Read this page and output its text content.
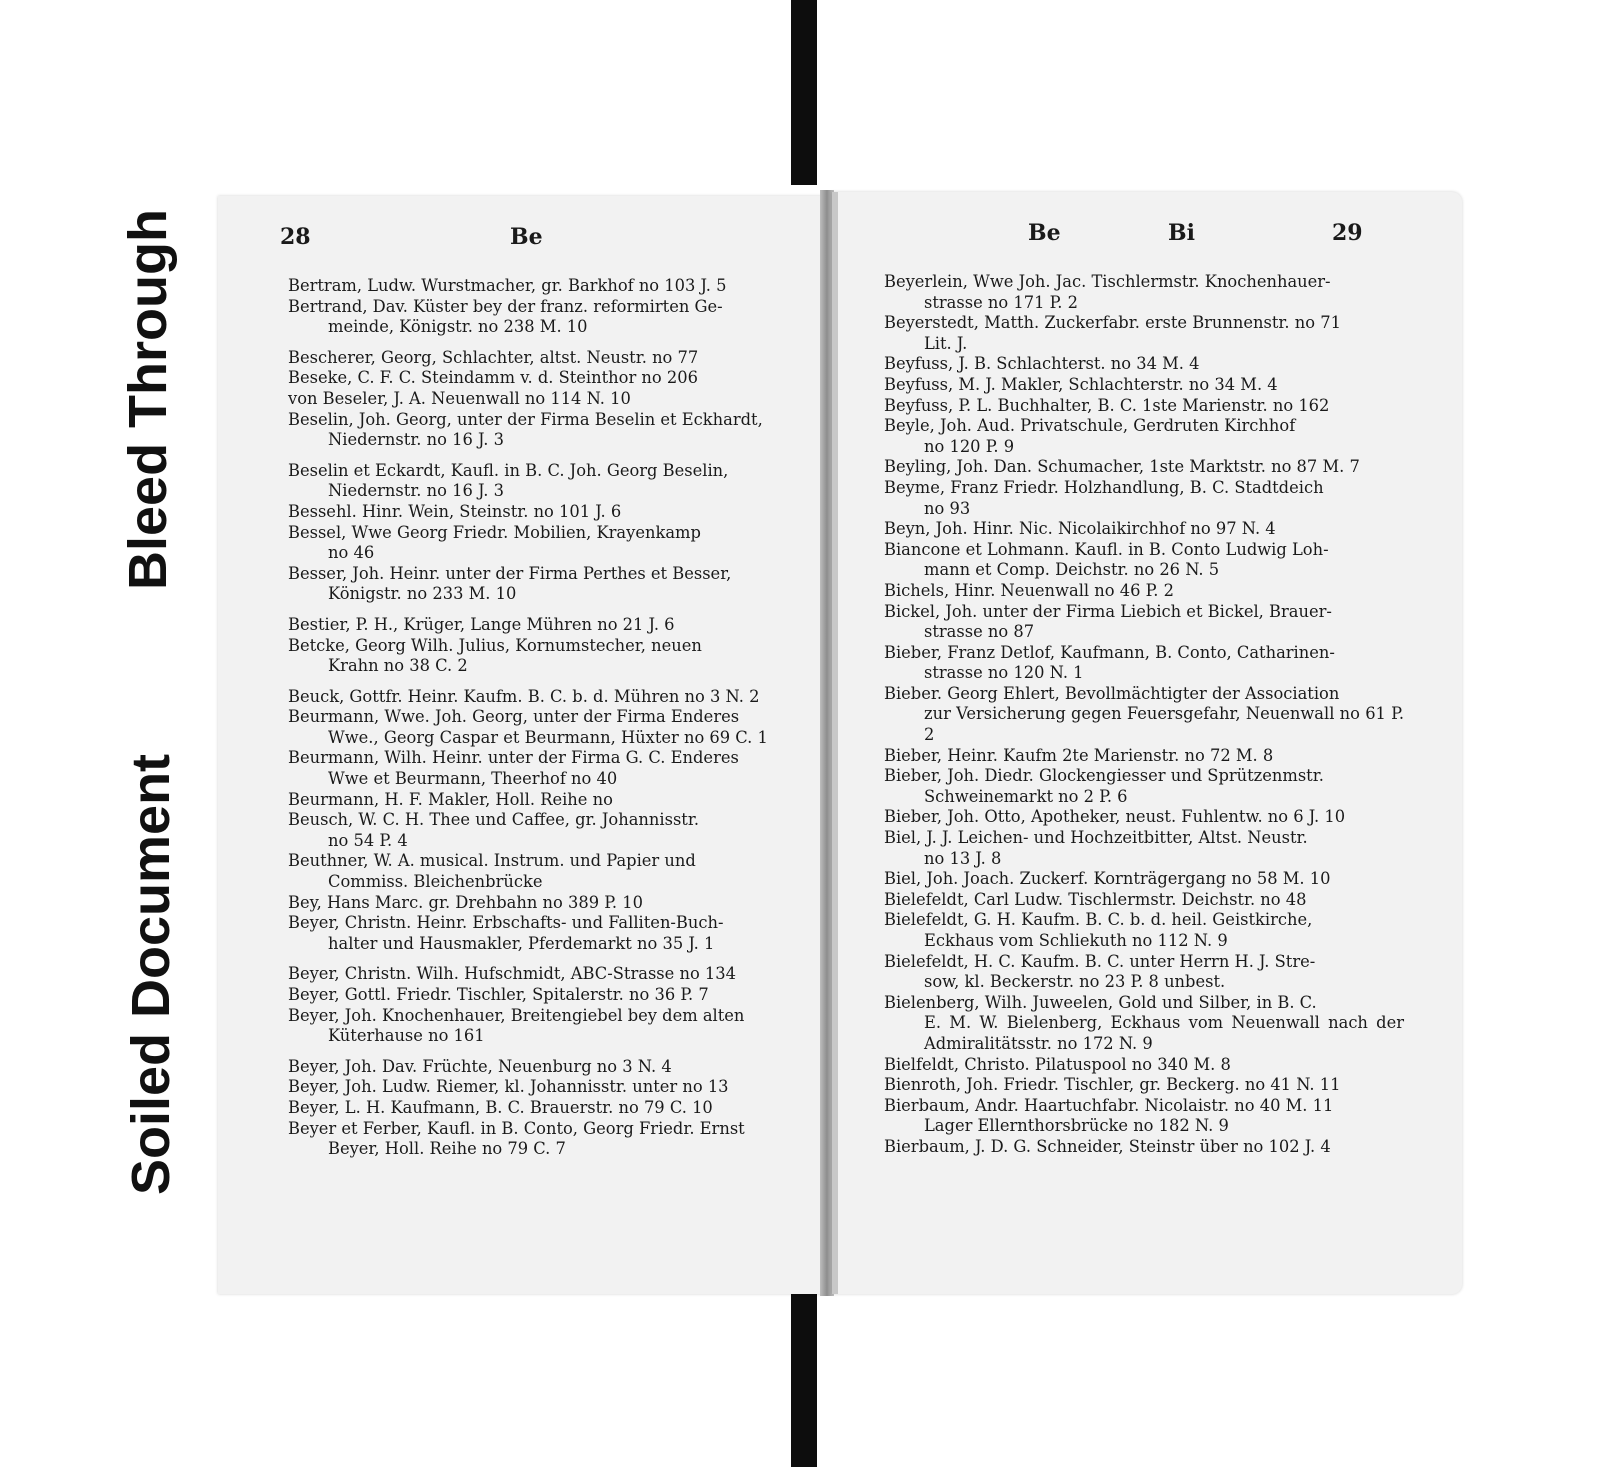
Bleed Through
Soiled Document
28	Be

Bertram, Ludw. Wurstmacher, gr. Barkhof no 103 J. 5

Bertrand, Dav. Küster bey der franz. reformirten Ge-
meinde, Königstr. no 238 M. 10

Bescherer, Georg, Schlachter, altst. Neustr. no 77

Beseke, C. F. C. Steindamm v. d. Steinthor no 206

von Beseler, J. A. Neuenwall no 114 N. 10

Beselin, Joh. Georg, unter der Firma Beselin et Eckhardt,
Niedernstr. no 16 J. 3

Beselin et Eckardt, Kaufl. in B. C. Joh. Georg Beselin,
Niedernstr. no 16 J. 3

Bessehl. Hinr. Wein, Steinstr. no 101 J. 6

Bessel, Wwe Georg Friedr. Mobilien, Krayenkamp
no 46

Besser, Joh. Heinr. unter der Firma Perthes et Besser,
Königstr. no 233 M. 10

Bestier, P. H., Krüger, Lange Mühren no 21 J. 6

Betcke, Georg Wilh. Julius, Kornumstecher, neuen
Krahn no 38 C. 2

Beuck, Gottfr. Heinr. Kaufm. B. C. b. d. Mühren no 3 N. 2

Beurmann, Wwe. Joh. Georg, unter der Firma Enderes
Wwe., Georg Caspar et Beurmann, Hüxter no 69 C. 1

Beurmann, Wilh. Heinr. unter der Firma G. C. Enderes
Wwe et Beurmann, Theerhof no 40

Beurmann, H. F. Makler, Holl. Reihe no

Beusch, W. C. H. Thee und Caffee, gr. Johannisstr.
no 54 P. 4

Beuthner, W. A. musical. Instrum. und Papier und
Commiss. Bleichenbrücke

Bey, Hans Marc. gr. Drehbahn no 389 P. 10

Beyer, Christn. Heinr. Erbschafts- und Falliten-Buch-
halter und Hausmakler, Pferdemarkt no 35 J. 1

Beyer, Christn. Wilh. Hufschmidt, ABC-Strasse no 134

Beyer, Gottl. Friedr. Tischler, Spitalerstr. no 36 P. 7

Beyer, Joh. Knochenhauer, Breitengiebel bey dem alten
Küterhause no 161

Beyer, Joh. Dav. Früchte, Neuenburg no 3 N. 4

Beyer, Joh. Ludw. Riemer, kl. Johannisstr. unter no 13

Beyer, L. H. Kaufmann, B. C. Brauerstr. no 79 C. 10

Beyer et Ferber, Kaufl. in B. Conto, Georg Friedr. Ernst
Beyer, Holl. Reihe no 79 C. 7

Be	Bi	29

Beyerlein, Wwe Joh. Jac. Tischlermstr. Knochenhauer-
strasse no 171 P. 2

Beyerstedt, Matth. Zuckerfabr. erste Brunnenstr. no 71
Lit. J.

Beyfuss, J. B. Schlachterst. no 34 M. 4

Beyfuss, M. J. Makler, Schlachterstr. no 34 M. 4

Beyfuss, P. L. Buchhalter, B. C. 1ste Marienstr. no 162

Beyle, Joh. Aud. Privatschule, Gerdruten Kirchhof
no 120 P. 9

Beyling, Joh. Dan. Schumacher, 1ste Marktstr. no 87 M. 7

Beyme, Franz Friedr. Holzhandlung, B. C. Stadtdeich
no 93

Beyn, Joh. Hinr. Nic. Nicolaikirchhof no 97 N. 4

Biancone et Lohmann. Kaufl. in B. Conto Ludwig Loh-
mann et Comp. Deichstr. no 26 N. 5

Bichels, Hinr. Neuenwall no 46 P. 2

Bickel, Joh. unter der Firma Liebich et Bickel, Brauer-
strasse no 87

Bieber, Franz Detlof, Kaufmann, B. Conto, Catharinen-
strasse no 120 N. 1

Bieber. Georg Ehlert, Bevollmächtigter der Association
zur Versicherung gegen Feuersgefahr, Neuenwall no 61 P. 2

Bieber, Heinr. Kaufm 2te Marienstr. no 72 M. 8

Bieber, Joh. Diedr. Glockengiesser und Sprützenmstr.
Schweinemarkt no 2 P. 6

Bieber, Joh. Otto, Apotheker, neust. Fuhlentw. no 6 J. 10

Biel, J. J. Leichen- und Hochzeitbitter, Altst. Neustr.
no 13 J. 8

Biel, Joh. Joach. Zuckerf. Kornträgergang no 58 M. 10

Bielefeldt, Carl Ludw. Tischlermstr. Deichstr. no 48

Bielefeldt, G. H. Kaufm. B. C. b. d. heil. Geistkirche,
Eckhaus vom Schliekuth no 112 N. 9

Bielefeldt, H. C. Kaufm. B. C. unter Herrn H. J. Stre-
sow, kl. Beckerstr. no 23 P. 8 unbest.

Bielenberg, Wilh. Juweelen, Gold und Silber, in B. C.
E. M. W. Bielenberg, Eckhaus vom Neuenwall nach der Admiralitätsstr. no 172 N. 9

Bielfeldt, Christo. Pilatuspool no 340 M. 8

Bienroth, Joh. Friedr. Tischler, gr. Beckerg. no 41 N. 11

Bierbaum, Andr. Haartuchfabr. Nicolaistr. no 40 M. 11
Lager Ellernthorsbrücke no 182 N. 9

Bierbaum, J. D. G. Schneider, Steinstr über no 102 J. 4
